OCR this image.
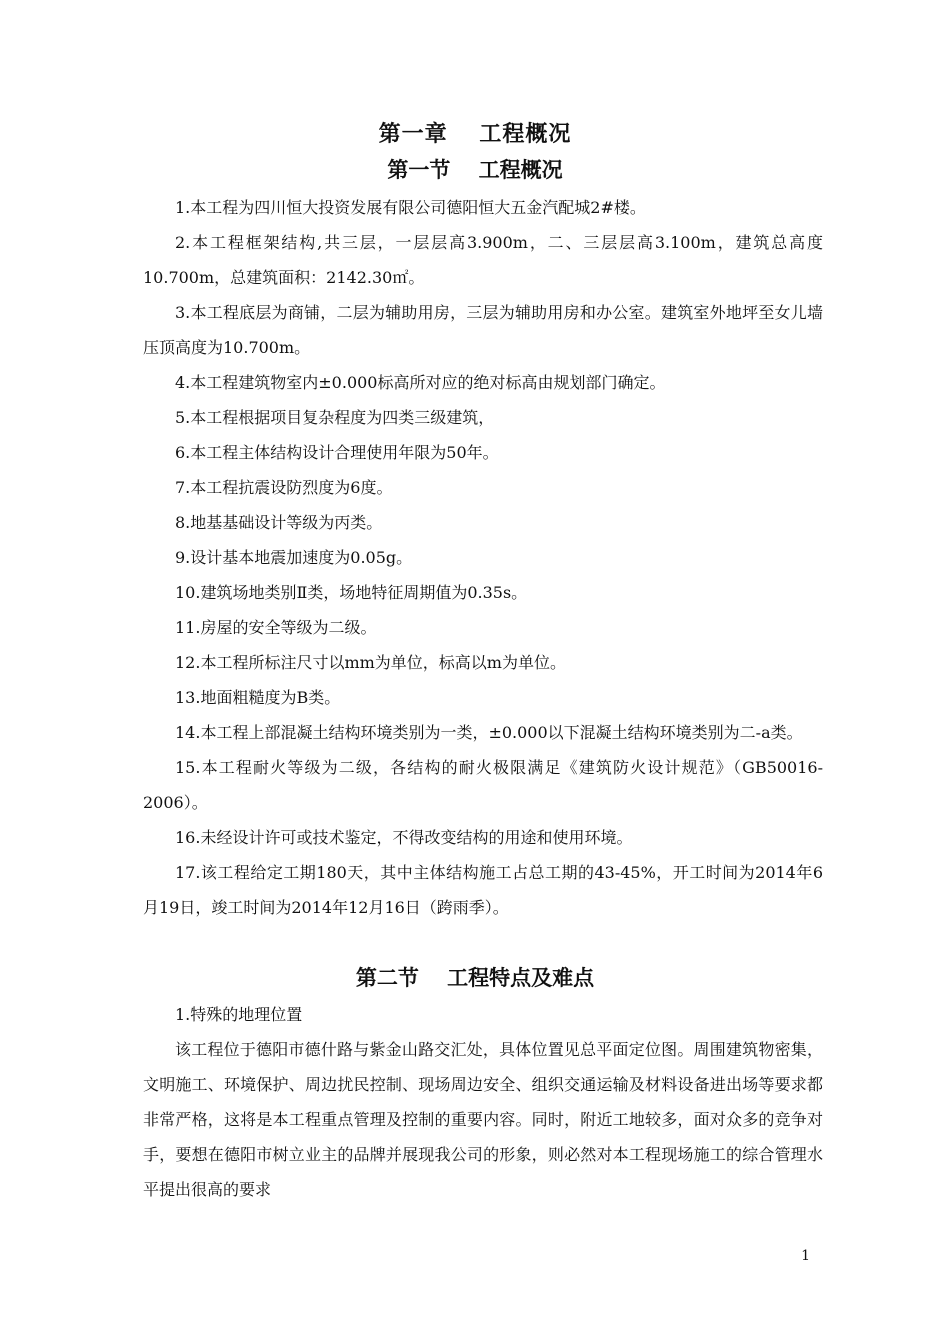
第一章　 工程概况
第一节　 工程概况

1.本工程为四川恒大投资发展有限公司德阳恒大五金汽配城2#楼。

2.本工程框架结构,共三层，一层层高3.900m，二、三层层高3.100m，建筑总高度10.700m，总建筑面积：2142.30㎡。

3.本工程底层为商铺，二层为辅助用房，三层为辅助用房和办公室。建筑室外地坪至女儿墙压顶高度为10.700m。

4.本工程建筑物室内±0.000标高所对应的绝对标高由规划部门确定。

5.本工程根据项目复杂程度为四类三级建筑，

6.本工程主体结构设计合理使用年限为50年。

7.本工程抗震设防烈度为6度。

8.地基基础设计等级为丙类。

9.设计基本地震加速度为0.05g。

10.建筑场地类别Ⅱ类，场地特征周期值为0.35s。

11.房屋的安全等级为二级。

12.本工程所标注尺寸以mm为单位，标高以m为单位。

13.地面粗糙度为B类。

14.本工程上部混凝土结构环境类别为一类，±0.000以下混凝土结构环境类别为二-a类。

15.本工程耐火等级为二级，各结构的耐火极限满足《建筑防火设计规范》（GB50016-2006）。

16.未经设计许可或技术鉴定，不得改变结构的用途和使用环境。

17.该工程给定工期180天，其中主体结构施工占总工期的43-45%，开工时间为2014年6月19日，竣工时间为2014年12月16日（跨雨季）。

第二节　 工程特点及难点

1.特殊的地理位置

该工程位于德阳市德什路与紫金山路交汇处，具体位置见总平面定位图。周围建筑物密集，文明施工、环境保护、周边扰民控制、现场周边安全、组织交通运输及材料设备进出场等要求都非常严格，这将是本工程重点管理及控制的重要内容。同时，附近工地较多，面对众多的竞争对手，要想在德阳市树立业主的品牌并展现我公司的形象，则必然对本工程现场施工的综合管理水平提出很高的要求

1
